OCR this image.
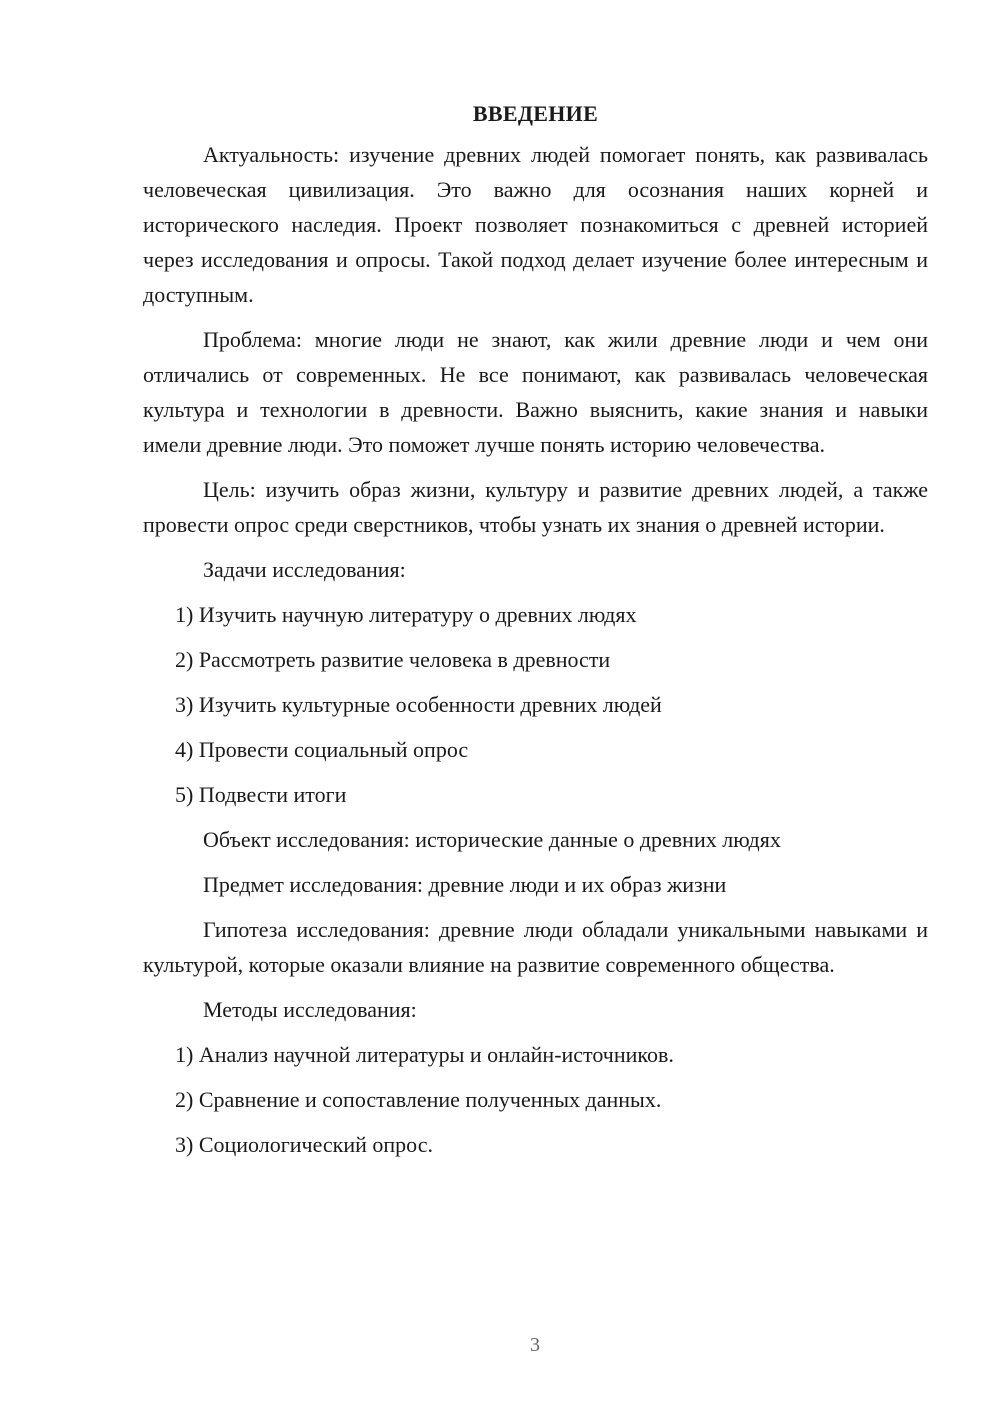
ВВЕДЕНИЕ

Актуальность: изучение древних людей помогает понять, как развивалась человеческая цивилизация. Это важно для осознания наших корней и исторического наследия. Проект позволяет познакомиться с древней историей через исследования и опросы. Такой подход делает изучение более интересным и доступным.

Проблема: многие люди не знают, как жили древние люди и чем они отличались от современных. Не все понимают, как развивалась человеческая культура и технологии в древности. Важно выяснить, какие знания и навыки имели древние люди. Это поможет лучше понять историю человечества.

Цель: изучить образ жизни, культуру и развитие древних людей, а также провести опрос среди сверстников, чтобы узнать их знания о древней истории.

Задачи исследования:
1) Изучить научную литературу о древних людях
2) Рассмотреть развитие человека в древности
3) Изучить культурные особенности древних людей
4) Провести социальный опрос
5) Подвести итоги
Объект исследования: исторические данные о древних людях
Предмет исследования: древние люди и их образ жизни

Гипотеза исследования: древние люди обладали уникальными навыками и культурой, которые оказали влияние на развитие современного общества.

Методы исследования:
1) Анализ научной литературы и онлайн-источников.
2) Сравнение и сопоставление полученных данных.
3) Социологический опрос.
3
